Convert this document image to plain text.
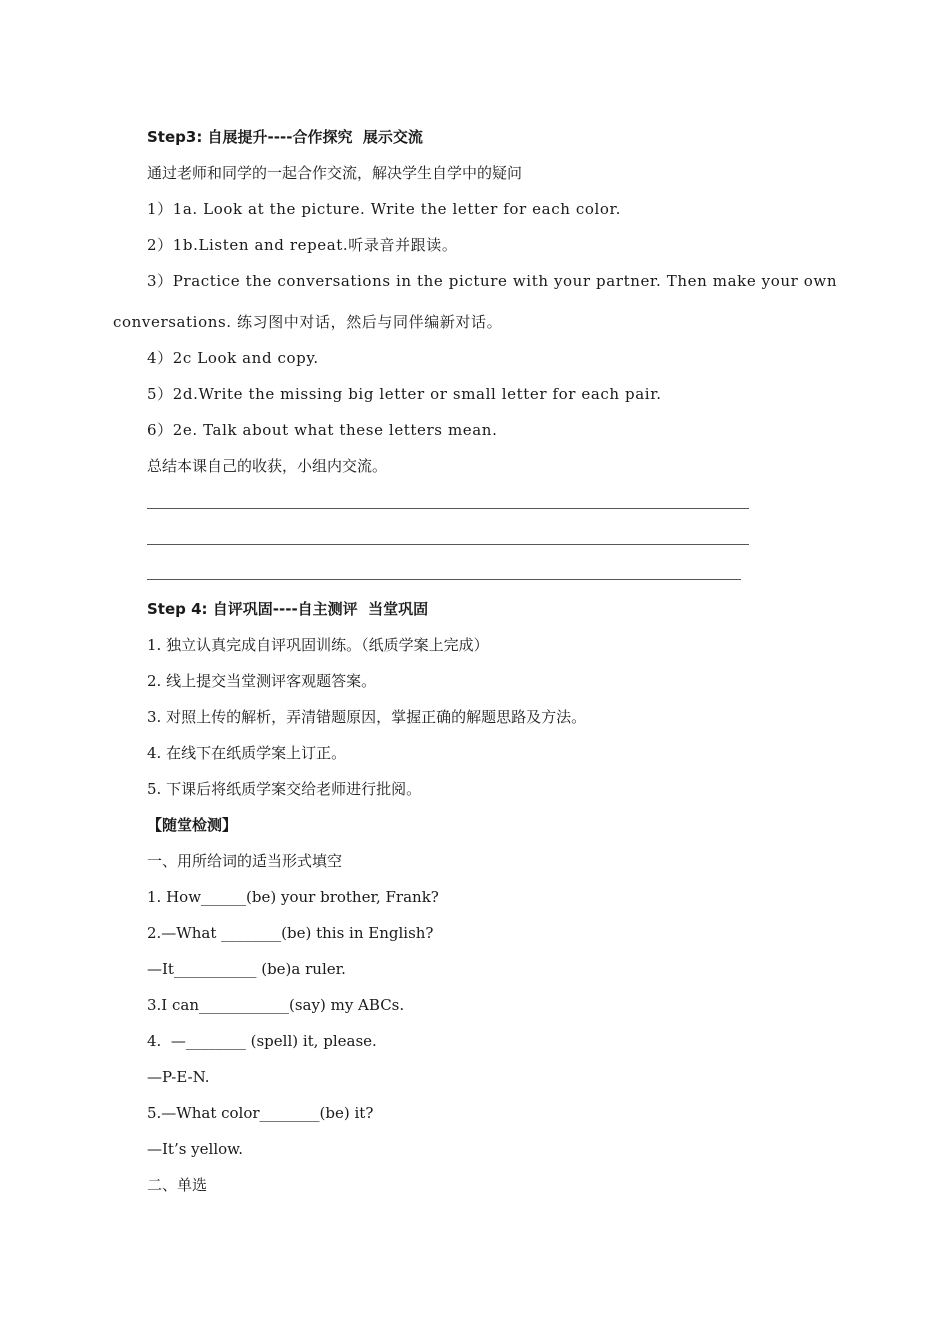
Step3: 自展提升----合作探究  展示交流
通过老师和同学的一起合作交流，解决学生自学中的疑问
1）1a. Look at the picture. Write the letter for each color.
2）1b.Listen and repeat.听录音并跟读。
3）Practice the conversations in the picture with your partner. Then make your own
conversations. 练习图中对话，然后与同伴编新对话。
4）2c Look and copy.
5）2d.Write the missing big letter or small letter for each pair.
6）2e. Talk about what these letters mean.
总结本课自己的收获，小组内交流。
Step 4: 自评巩固----自主测评  当堂巩固
1. 独立认真完成自评巩固训练。（纸质学案上完成）
2. 线上提交当堂测评客观题答案。
3. 对照上传的解析，弄清错题原因，掌握正确的解题思路及方法。
4. 在线下在纸质学案上订正。
5. 下课后将纸质学案交给老师进行批阅。
【随堂检测】
一、用所给词的适当形式填空
1. How______(be) your brother, Frank?
2.—What ________(be) this in English?
—It___________ (be)a ruler.
3.I can____________(say) my ABCs.
4.  —________ (spell) it, please.
—P-E-N.
5.—What color________(be) it?
—It’s yellow.
二、单选
